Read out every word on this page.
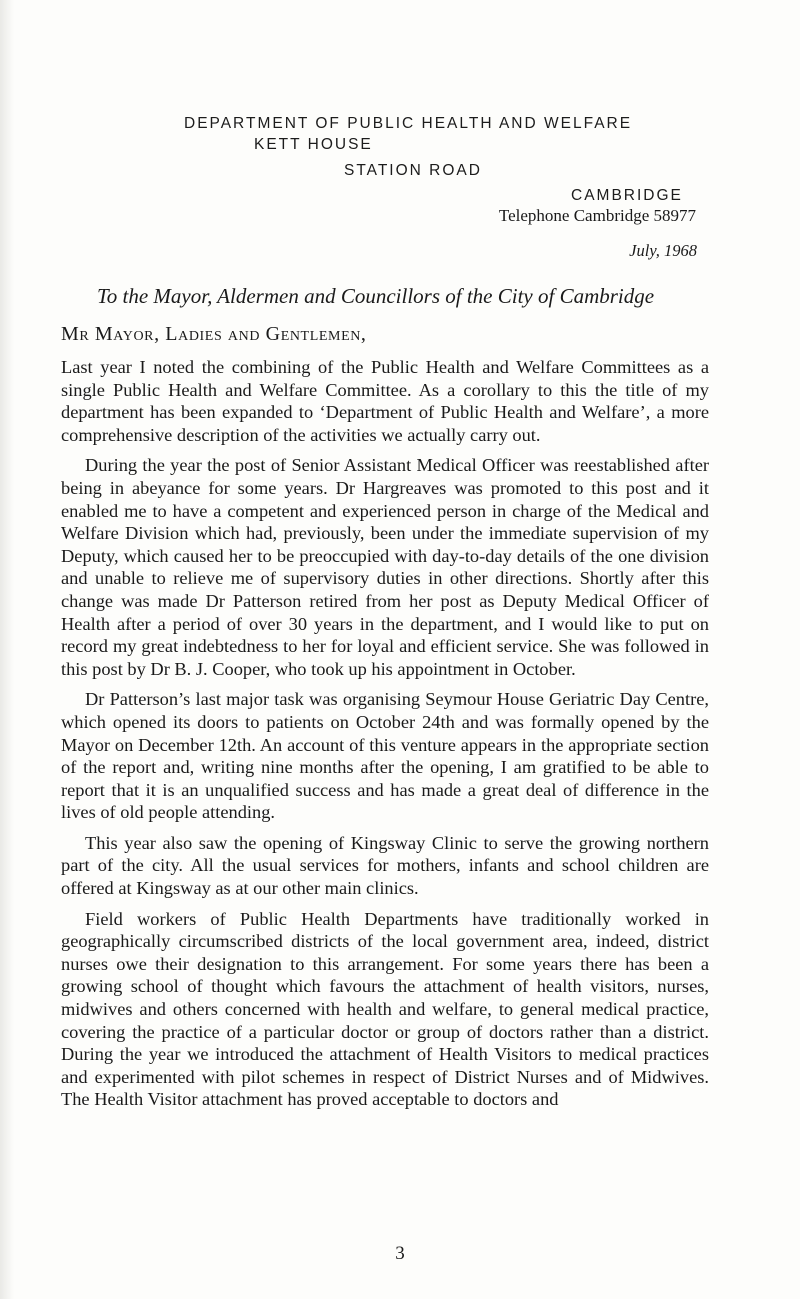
DEPARTMENT OF PUBLIC HEALTH AND WELFARE
KETT HOUSE
STATION ROAD
CAMBRIDGE
Telephone Cambridge 58977
July, 1968
To the Mayor, Aldermen and Councillors of the City of Cambridge
Mr Mayor, Ladies and Gentlemen,

Last year I noted the combining of the Public Health and Welfare Committees as a single Public Health and Welfare Committee. As a corollary to this the title of my department has been expanded to ‘Department of Public Health and Welfare’, a more comprehensive description of the activities we actually carry out.

During the year the post of Senior Assistant Medical Officer was reestablished after being in abeyance for some years. Dr Hargreaves was promoted to this post and it enabled me to have a competent and experienced person in charge of the Medical and Welfare Division which had, previously, been under the immediate supervision of my Deputy, which caused her to be preoccupied with day-to-day details of the one division and unable to relieve me of supervisory duties in other directions. Shortly after this change was made Dr Patterson retired from her post as Deputy Medical Officer of Health after a period of over 30 years in the department, and I would like to put on record my great indebtedness to her for loyal and efficient service. She was followed in this post by Dr B. J. Cooper, who took up his appointment in October.

Dr Patterson’s last major task was organising Seymour House Geriatric Day Centre, which opened its doors to patients on October 24th and was formally opened by the Mayor on December 12th. An account of this venture appears in the appropriate section of the report and, writing nine months after the opening, I am gratified to be able to report that it is an unqualified success and has made a great deal of difference in the lives of old people attending.

This year also saw the opening of Kingsway Clinic to serve the growing northern part of the city. All the usual services for mothers, infants and school children are offered at Kingsway as at our other main clinics.

Field workers of Public Health Departments have traditionally worked in geographically circumscribed districts of the local government area, indeed, district nurses owe their designation to this arrangement. For some years there has been a growing school of thought which favours the attachment of health visitors, nurses, midwives and others concerned with health and welfare, to general medical practice, covering the practice of a particular doctor or group of doctors rather than a district. During the year we introduced the attachment of Health Visitors to medical practices and experimented with pilot schemes in respect of District Nurses and of Midwives. The Health Visitor attachment has proved acceptable to doctors and

3
